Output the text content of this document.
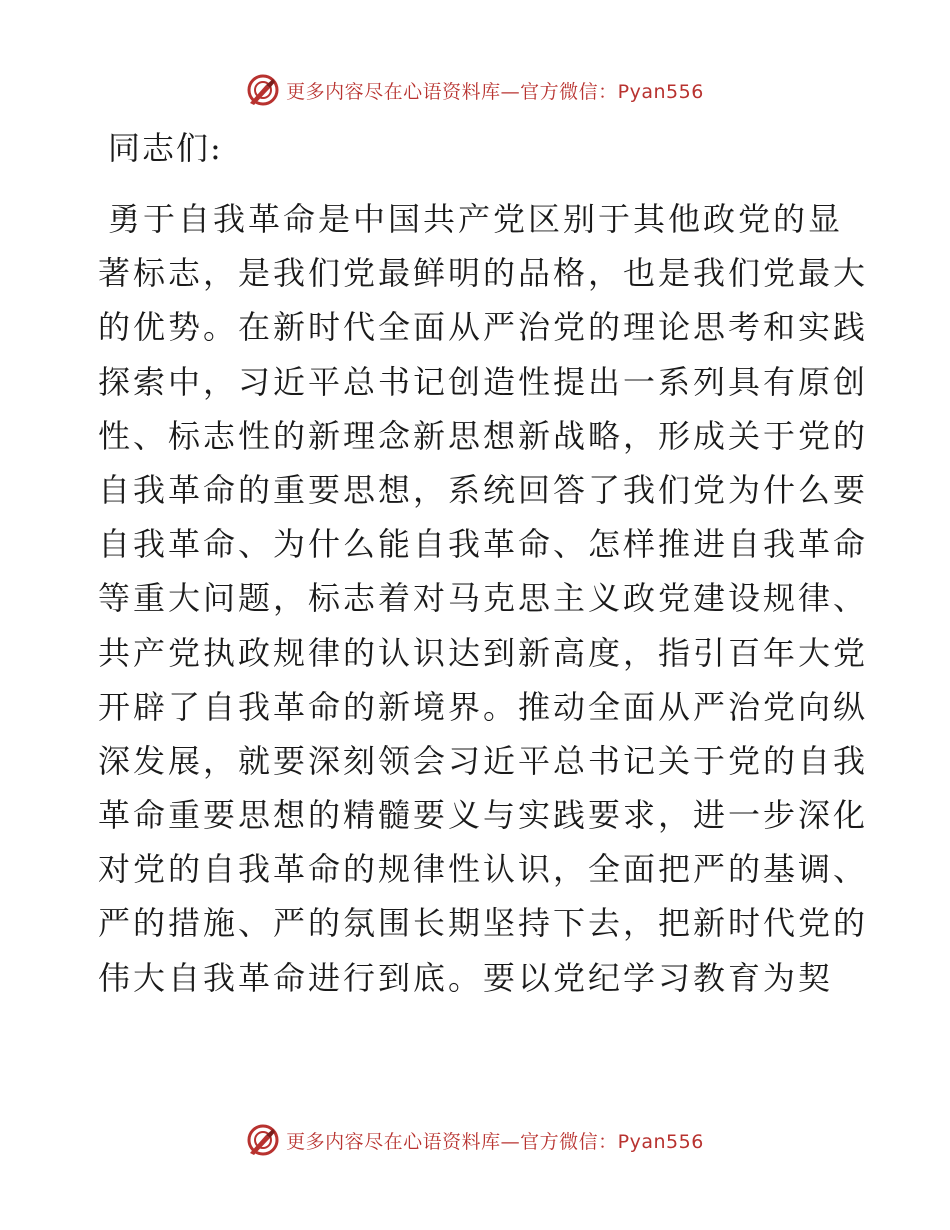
更多内容尽在心语资料库—官方微信：Pyan556
同志们:
勇于自我革命是中国共产党区别于其他政党的显
著标志，是我们党最鲜明的品格，也是我们党最大
的优势。在新时代全面从严治党的理论思考和实践
探索中，习近平总书记创造性提出一系列具有原创
性、标志性的新理念新思想新战略，形成关于党的
自我革命的重要思想，系统回答了我们党为什么要
自我革命、为什么能自我革命、怎样推进自我革命
等重大问题，标志着对马克思主义政党建设规律、
共产党执政规律的认识达到新高度，指引百年大党
开辟了自我革命的新境界。推动全面从严治党向纵
深发展，就要深刻领会习近平总书记关于党的自我
革命重要思想的精髓要义与实践要求，进一步深化
对党的自我革命的规律性认识，全面把严的基调、
严的措施、严的氛围长期坚持下去，把新时代党的
伟大自我革命进行到底。要以党纪学习教育为契
更多内容尽在心语资料库—官方微信：Pyan556
